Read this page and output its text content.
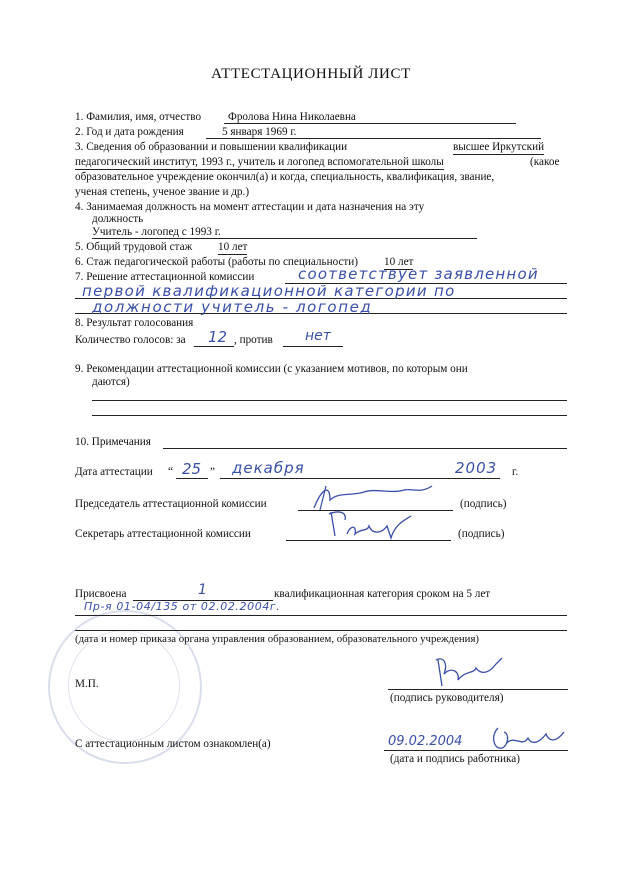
АТТЕСТАЦИОННЫЙ ЛИСТ
1. Фамилия, имя, отчество Фролова Нина Николаевна
2. Год и дата рождения	5 января 1969 г.
3. Сведения об образовании и повышении квалификации	высшее Иркутский
педагогический институт, 1993 г., учитель и логопед вспомогательной школы	(какое
образовательное учреждение окончил(а) и когда, специальность, квалификация, звание,
ученая степень, ученое звание и др.)
4. Занимаемая должность на момент аттестации и дата назначения на эту
должность
Учитель - логопед с 1993 г.
5. Общий трудовой стаж 10 лет
6. Стаж педагогической работы (работы по специальности) 10 лет
7. Решение аттестационной комиссии	соответствует заявленной
первой квалификационной категории по
должности учитель - логопед
8. Результат голосования
Количество голосов: за 12 , против нет
9. Рекомендации аттестационной комиссии (с указанием мотивов, по которым они
даются)
10. Примечания
Дата аттестации “ 25 ” декабря	2003 г.
Председатель аттестационной комиссии	(подпись)
Секретарь аттестационной комиссии	(подпись)
Присвоена	1	квалификационная категория сроком на 5 лет
Пр-я 01-04/135 от 02.02.2004г.
(дата и номер приказа органа управления образованием, образовательного учреждения)
М.П.
(подпись руководителя)
С аттестационным листом ознакомлен(а)	09.02.2004
(дата и подпись работника)
